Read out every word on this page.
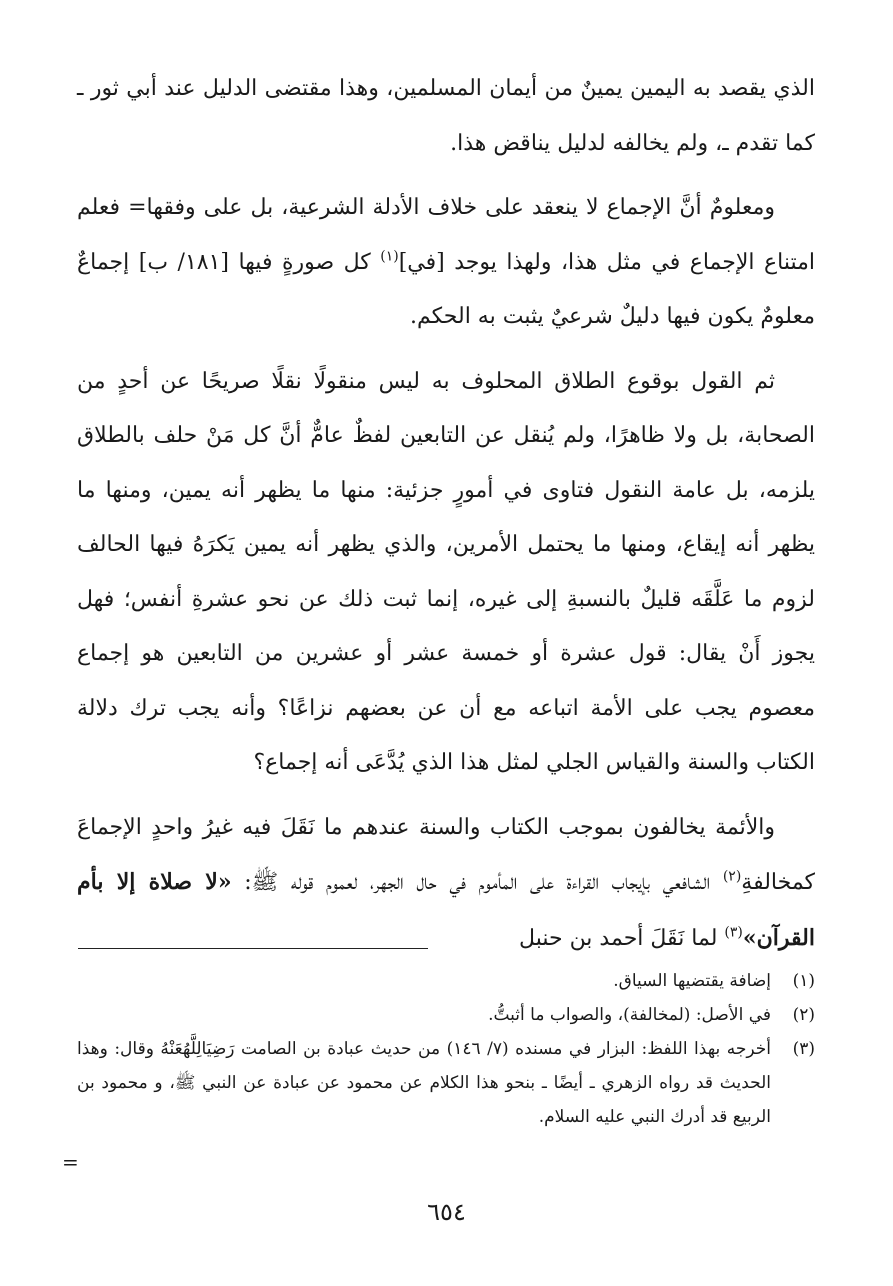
الذي يقصد به اليمين يمينٌ من أيمان المسلمين، وهذا مقتضى الدليل عند أبي ثور ـ كما تقدم ـ، ولم يخالفه لدليل يناقض هذا.

ومعلومٌ أنَّ الإجماع لا ينعقد على خلاف الأدلة الشرعية، بل على وفقها= فعلم امتناع الإجماع في مثل هذا، ولهذا يوجد [في]$^{(١)}$ كل صورةٍ فيها [١٨١/ ب] إجماعٌ معلومٌ يكون فيها دليلٌ شرعيٌ يثبت به الحكم.

ثم القول بوقوع الطلاق المحلوف به ليس منقولًا نقلًا صريحًا عن أحدٍ من الصحابة، بل ولا ظاهرًا، ولم يُنقل عن التابعين لفظٌ عامٌّ أنَّ كل مَنْ حلف بالطلاق يلزمه، بل عامة النقول فتاوى في أمورٍ جزئية: منها ما يظهر أنه يمين، ومنها ما يظهر أنه إيقاع، ومنها ما يحتمل الأمرين، والذي يظهر أنه يمين يَكرَهُ فيها الحالف لزوم ما عَلَّقَه قليلٌ بالنسبةِ إلى غيره، إنما ثبت ذلك عن نحو عشرةِ أنفس؛ فهل يجوز أَنْ يقال: قول عشرة أو خمسة عشر أو عشرين من التابعين هو إجماع معصوم يجب على الأمة اتباعه مع أن عن بعضهم نزاعًا؟ وأنه يجب ترك دلالة الكتاب والسنة والقياس الجلي لمثل هذا الذي يُدَّعَى أنه إجماع؟

والأئمة يخالفون بموجب الكتاب والسنة عندهم ما نَقَلَ فيه غيرُ واحدٍ الإجماعَ كمخالفةِ$^{(٢)}$ الشافعي بإيجاب القراءة على المأموم في حال الجهر، لعموم قوله ﷺ: «لا صلاة إلا بأم القرآن»$^{(٣)}$ لما نَقَلَ أحمد بن حنبل

(١)
إضافة يقتضيها السياق.
(٢)
في الأصل: (لمخالفة)، والصواب ما أثبتُّ.
(٣)
أخرجه بهذا اللفظ: البزار في مسنده (٧/ ١٤٦) من حديث عبادة بن الصامت رَضِيَالِلَّهُعَنْهُ وقال: وهذا الحديث قد رواه الزهري ـ أيضًا ـ بنحو هذا الكلام عن محمود عن عبادة عن النبي ﷺ، و محمود بن الربيع قد أدرك النبي عليه السلام.
=
٦٥٤
